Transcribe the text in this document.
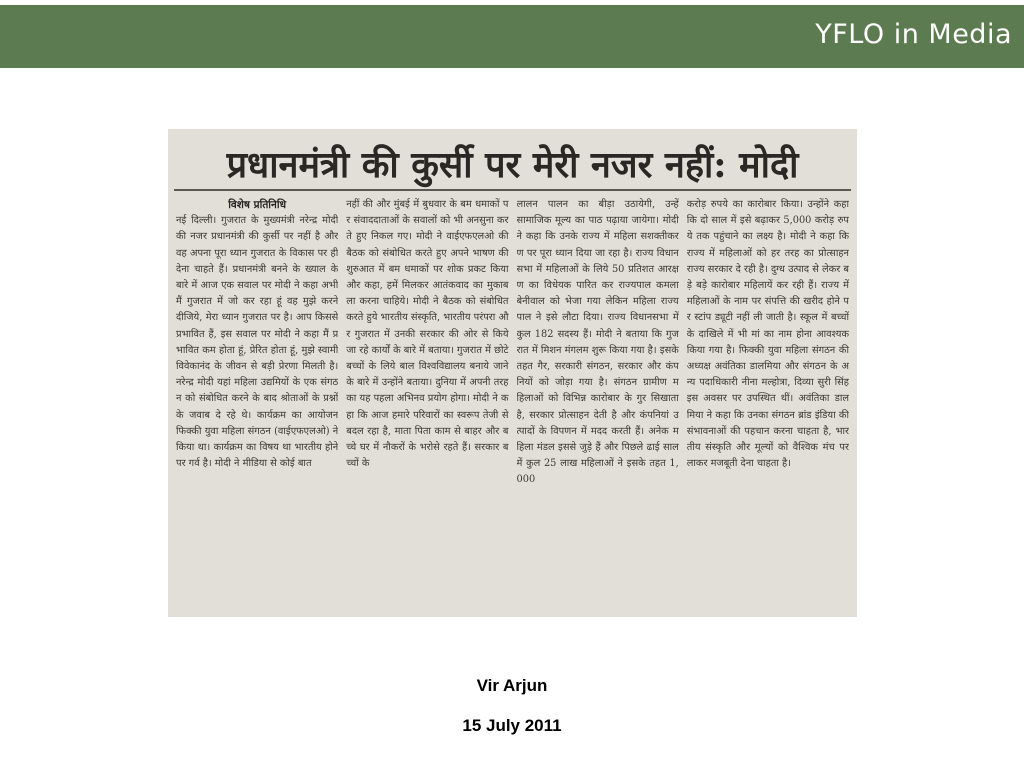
YFLO in Media
प्रधानमंत्री की कुर्सी पर मेरी नजर नहीं: मोदी
विशेष प्रतिनिधि
नई दिल्ली। गुजरात के मुख्यमंत्री नरेन्द्र मोदी की नजर प्रधानमंत्री की कुर्सी पर नहीं है और वह अपना पूरा ध्यान गुजरात के विकास पर ही देना चाहते हैं। प्रधानमंत्री बनने के ख्याल के बारे में आज एक सवाल पर मोदी ने कहा अभी मैं गुजरात में जो कर रहा हूं वह मुझे करने दीजिये, मेरा ध्यान गुजरात पर है। आप किससे प्रभावित हैं, इस सवाल पर मोदी ने कहा मैं प्रभावित कम होता हूं, प्रेरित होता हूं, मुझे स्वामी विवेकानंद के जीवन से बड़ी प्रेरणा मिलती है। नरेन्द्र मोदी यहां महिला उद्यमियों के एक संगठन को संबोधित करने के बाद श्रोताओं के प्रश्नों के जवाब दे रहे थे। कार्यक्रम का आयोजन फिक्की युवा महिला संगठन (वाईएफएलओ) ने किया था। कार्यक्रम का विषय था भारतीय होने पर गर्व है। मोदी ने मीडिया से कोई बात
नहीं की और मुंबई में बुधवार के बम धमाकों पर संवाददाताओं के सवालों को भी अनसुना करते हुए निकल गए। मोदी ने वाईएफएलओ की बैठक को संबोधित करते हुए अपने भाषण की शुरुआत में बम धमाकों पर शोक प्रकट किया और कहा, हमें मिलकर आतंकवाद का मुकाबला करना चाहिये। मोदी ने बैठक को संबोधित करते हुये भारतीय संस्कृति, भारतीय परंपरा और गुजरात में उनकी सरकार की ओर से किये जा रहे कार्यों के बारे में बताया। गुजरात में छोटे बच्चों के लिये बाल विश्वविद्यालय बनाये जाने के बारे में उन्होंने बताया। दुनिया में अपनी तरह का यह पहला अभिनव प्रयोग होगा। मोदी ने कहा कि आज हमारे परिवारों का स्वरूप तेजी से बदल रहा है, माता पिता काम से बाहर और बच्चे घर में नौकरों के भरोसे रहते हैं। सरकार बच्चों के
लालन पालन का बीड़ा उठायेगी, उन्हें सामाजिक मूल्य का पाठ पढ़ाया जायेगा। मोदी ने कहा कि उनके राज्य में महिला सशक्तीकरण पर पूरा ध्यान दिया जा रहा है। राज्य विधानसभा में महिलाओं के लिये 50 प्रतिशत आरक्षण का विधेयक पारित कर राज्यपाल कमला बेनीवाल को भेजा गया लेकिन महिला राज्यपाल ने इसे लौटा दिया। राज्य विधानसभा में कुल 182 सदस्य हैं। मोदी ने बताया कि गुजरात में मिशन मंगलम शुरू किया गया है। इसके तहत गैर, सरकारी संगठन, सरकार और कंपनियों को जोड़ा गया है। संगठन ग्रामीण महिलाओं को विभिन्न कारोबार के गुर सिखाता है, सरकार प्रोत्साहन देती है और कंपनियां उत्पादों के विपणन में मदद करती हैं। अनेक महिला मंडल इससे जुड़े हैं और पिछले ढाई साल में कुल 25 लाख महिलाओं ने इसके तहत 1,000
करोड़ रुपये का कारोबार किया। उन्होंने कहा कि दो साल में इसे बढ़ाकर 5,000 करोड़ रुपये तक पहुंचाने का लक्ष्य है। मोदी ने कहा कि राज्य में महिलाओं को हर तरह का प्रोत्साहन राज्य सरकार दे रही है। दुग्ध उत्पाद से लेकर बड़े बड़े कारोबार महिलायें कर रही हैं। राज्य में महिलाओं के नाम पर संपत्ति की खरीद होने पर स्टांप ड्यूटी नहीं ली जाती है। स्कूल में बच्चों के दाखिले में भी मां का नाम होना आवश्यक किया गया है। फिक्की युवा महिला संगठन की अध्यक्ष अवंतिका डालमिया और संगठन के अन्य पदाधिकारी नीना मल्होत्रा, दिव्या सुरी सिंह इस अवसर पर उपस्थित थीं। अवंतिका डालमिया ने कहा कि उनका संगठन ब्रांड इंडिया की संभावनाओं की पहचान करना चाहता है, भारतीय संस्कृति और मूल्यों को वैश्विक मंच पर लाकर मजबूती देना चाहता है।
Vir Arjun
15 July 2011
